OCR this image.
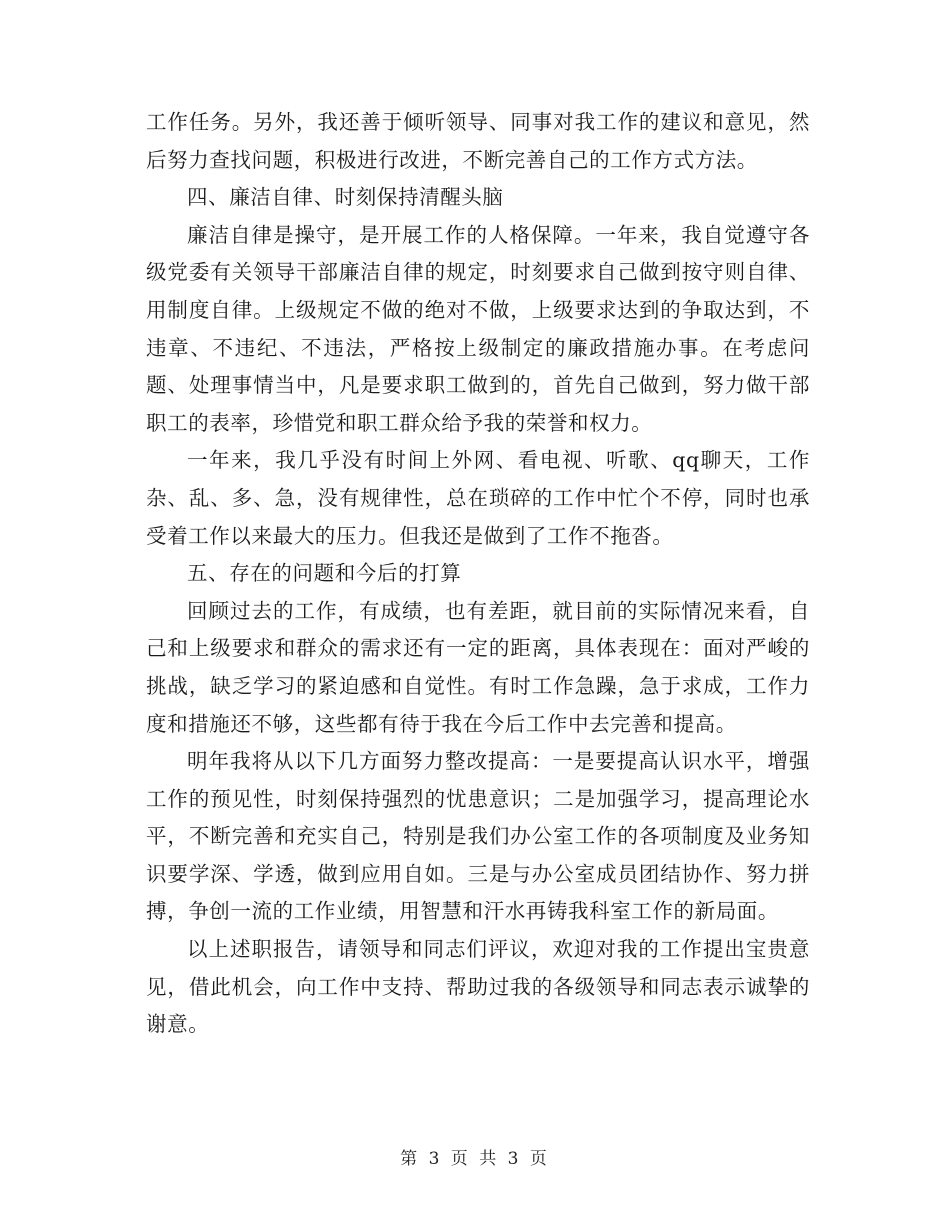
工作任务。另外，我还善于倾听领导、同事对我工作的建议和意见，然后努力查找问题，积极进行改进，不断完善自己的工作方式方法。

四、廉洁自律、时刻保持清醒头脑

廉洁自律是操守，是开展工作的人格保障。一年来，我自觉遵守各级党委有关领导干部廉洁自律的规定，时刻要求自己做到按守则自律、用制度自律。上级规定不做的绝对不做，上级要求达到的争取达到，不违章、不违纪、不违法，严格按上级制定的廉政措施办事。在考虑问题、处理事情当中，凡是要求职工做到的，首先自己做到，努力做干部职工的表率，珍惜党和职工群众给予我的荣誉和权力。

一年来，我几乎没有时间上外网、看电视、听歌、qq聊天，工作杂、乱、多、急，没有规律性，总在琐碎的工作中忙个不停，同时也承受着工作以来最大的压力。但我还是做到了工作不拖沓。

五、存在的问题和今后的打算

回顾过去的工作，有成绩，也有差距，就目前的实际情况来看，自己和上级要求和群众的需求还有一定的距离，具体表现在：面对严峻的挑战，缺乏学习的紧迫感和自觉性。有时工作急躁，急于求成，工作力度和措施还不够，这些都有待于我在今后工作中去完善和提高。

明年我将从以下几方面努力整改提高：一是要提高认识水平，增强工作的预见性，时刻保持强烈的忧患意识；二是加强学习，提高理论水平，不断完善和充实自己，特别是我们办公室工作的各项制度及业务知识要学深、学透，做到应用自如。三是与办公室成员团结协作、努力拼搏，争创一流的工作业绩，用智慧和汗水再铸我科室工作的新局面。

以上述职报告，请领导和同志们评议，欢迎对我的工作提出宝贵意见，借此机会，向工作中支持、帮助过我的各级领导和同志表示诚挚的谢意。

第 3 页 共 3 页
